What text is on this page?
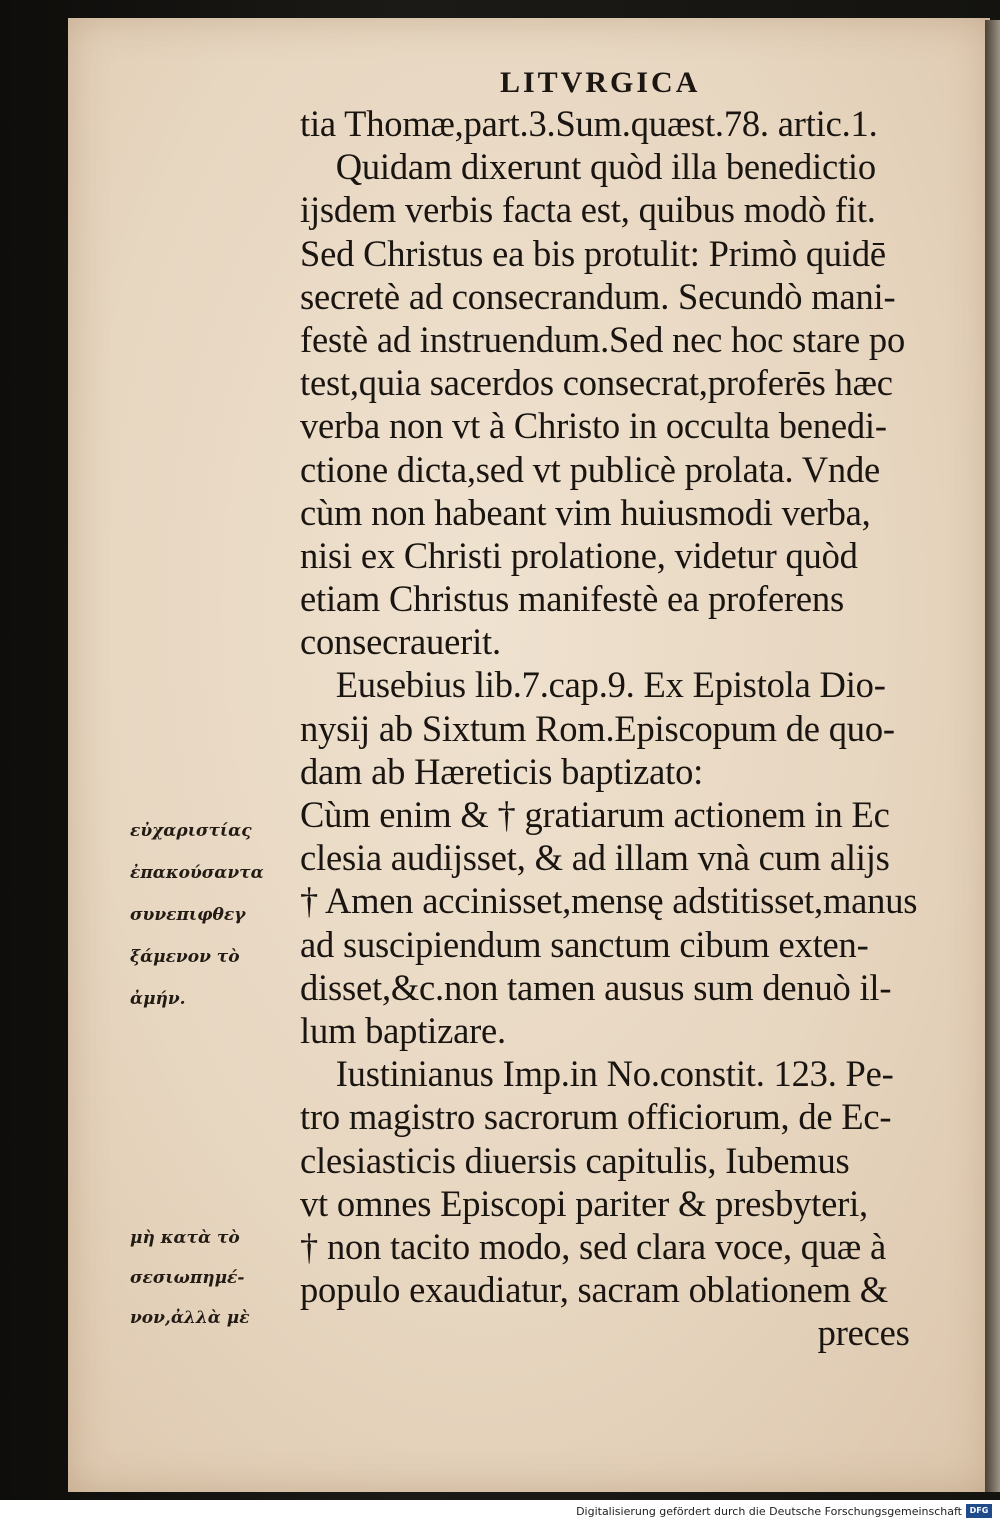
LITVRGICA
tia Thomæ,part.3.Sum.quæst.78. artic.1.
Quidam dixerunt quòd illa benedictio
ijsdem verbis facta est, quibus modò fit.
Sed Christus ea bis protulit: Primò quidē
secretè ad consecrandum. Secundò mani-
festè ad instruendum.Sed nec hoc stare po
test,quia sacerdos consecrat,proferēs hæc
verba non vt à Christo in occulta benedi-
ctione dicta,sed vt publicè prolata. Vnde
cùm non habeant vim huiusmodi verba,
nisi ex Christi prolatione, videtur quòd
etiam Christus manifestè ea proferens
consecrauerit.
Eusebius lib.7.cap.9. Ex Epistola Dio-
nysij ab Sixtum Rom.Episcopum de quo-
dam ab Hæreticis baptizato:
Cùm enim & † gratiarum actionem in Ec
clesia audijsset, & ad illam vnà cum alijs
† Amen accinisset,mensę adstitisset,manus
ad suscipiendum sanctum cibum exten-
disset,&c.non tamen ausus sum denuò il-
lum baptizare.
Iustinianus Imp.in No.constit. 123. Pe-
tro magistro sacrorum officiorum, de Ec-
clesiasticis diuersis capitulis, Iubemus
vt omnes Episcopi pariter & presbyteri,
† non tacito modo, sed clara voce, quæ à
populo exaudiatur, sacram oblationem &
preces
εὐχαριστίας
ἐπακούσαντα
συνεπιφθεγ
ξάμενον τὸ
ἀμήν.
μὴ κατὰ τὸ
σεσιωπημέ-
νον,ἀλλὰ μὲ
Digitalisierung gefördert durch die Deutsche Forschungsgemeinschaft DFG
